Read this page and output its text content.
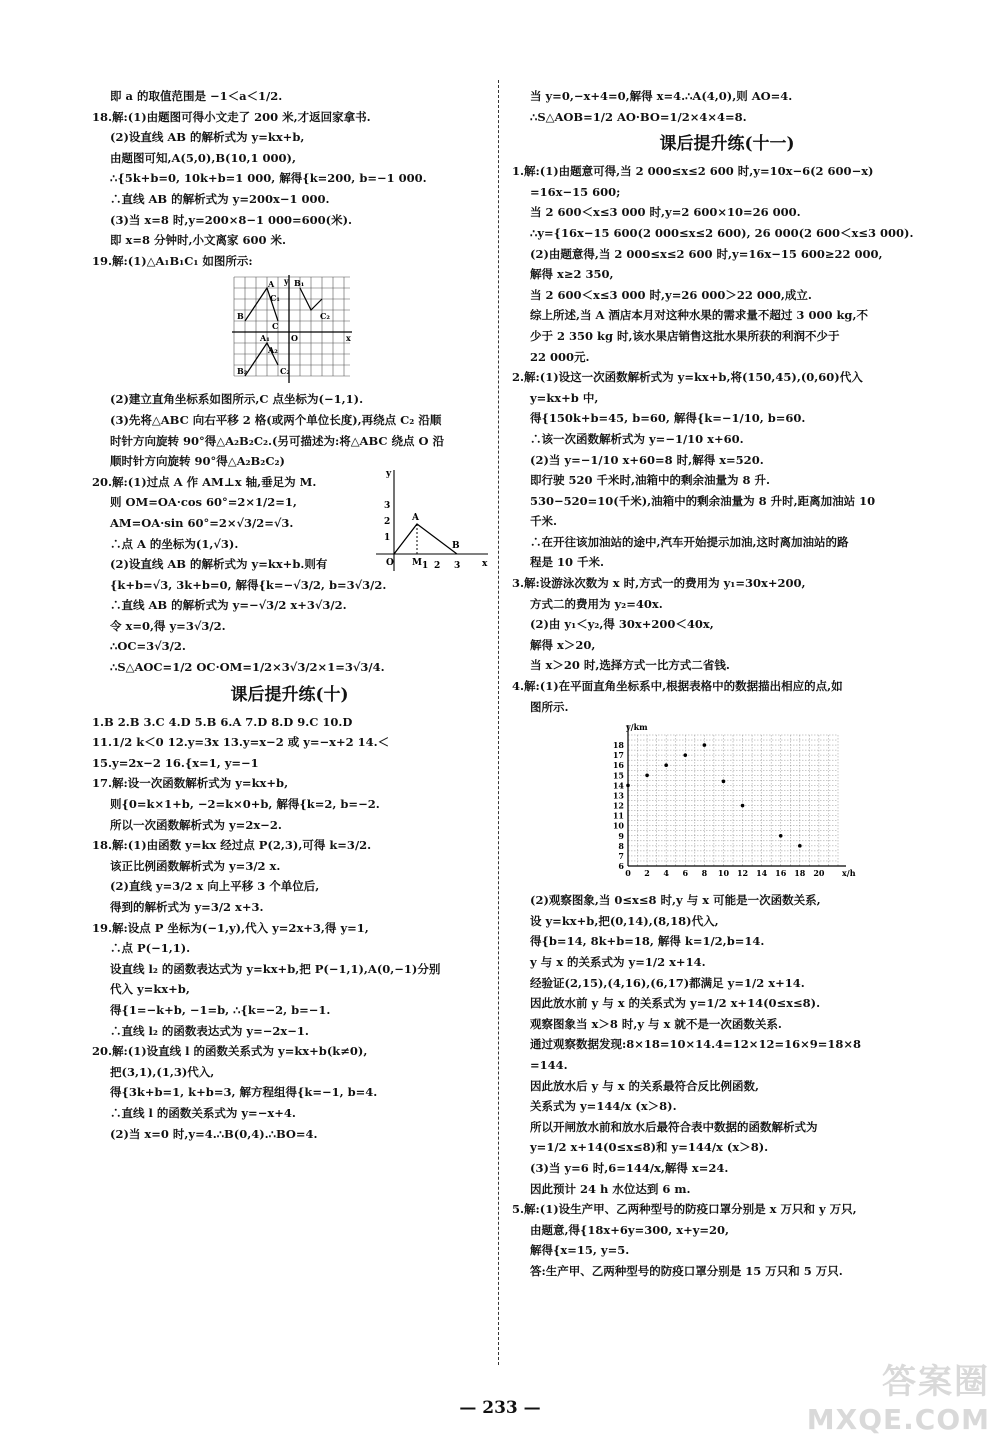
即 a 的取值范围是 −1＜a＜1/2.
18.解:(1)由题图可得小文走了 200 米,才返回家拿书.
(2)设直线 AB 的解析式为 y=kx+b,
由题图可知,A(5,0),B(10,1 000),
∴{5k+b=0, 10k+b=1 000, 解得{k=200, b=−1 000.
∴直线 AB 的解析式为 y=200x−1 000.
(3)当 x=8 时,y=200×8−1 000=600(米).
即 x=8 分钟时,小文离家 600 米.
19.解:(1)△A₁B₁C₁ 如图所示:
y B₁
A
C₁
B
C
C₂
A₁	O	x
A₂
B₂	C₂
(2)建立直角坐标系如图所示,C 点坐标为(−1,1).
(3)先将△ABC 向右平移 2 格(或两个单位长度),再绕点 C₂ 沿顺
时针方向旋转 90°得△A₂B₂C₂.(另可描述为:将△ABC 绕点 O 沿
顺时针方向旋转 90°得△A₂B₂C₂)
20.解:(1)过点 A 作 AM⊥x 轴,垂足为 M.
则 OM=OA·cos 60°=2×1/2=1,
AM=OA·sin 60°=2×√3/2=√3.
∴点 A 的坐标为(1,√3).
(2)设直线 AB 的解析式为 y=kx+b.则有
{k+b=√3, 3k+b=0, 解得{k=−√3/2, b=3√3/2.
∴直线 AB 的解析式为 y=−√3/2 x+3√3/2.
令 x=0,得 y=3√3/2.
∴OC=3√3/2.
∴S△AOC=1/2 OC·OM=1/2×3√3/2×1=3√3/4.
课后提升练(十)
1.B 2.B 3.C 4.D 5.B 6.A 7.D 8.D 9.C 10.D
11.1/2 k＜0 12.y=3x 13.y=x−2 或 y=−x+2 14.＜
15.y=2x−2 16.{x=1, y=−1
17.解:设一次函数解析式为 y=kx+b,
则{0=k×1+b, −2=k×0+b, 解得{k=2, b=−2.
所以一次函数解析式为 y=2x−2.
18.解:(1)由函数 y=kx 经过点 P(2,3),可得 k=3/2.
该正比例函数解析式为 y=3/2 x.
(2)直线 y=3/2 x 向上平移 3 个单位后,
得到的解析式为 y=3/2 x+3.
19.解:设点 P 坐标为(−1,y),代入 y=2x+3,得 y=1,
∴点 P(−1,1).
设直线 l₂ 的函数表达式为 y=kx+b,把 P(−1,1),A(0,−1)分别
代入 y=kx+b,
得{1=−k+b, −1=b, ∴{k=−2, b=−1.
∴直线 l₂ 的函数表达式为 y=−2x−1.
20.解:(1)设直线 l 的函数关系式为 y=kx+b(k≠0),
把(3,1),(1,3)代入,
得{3k+b=1, k+b=3, 解方程组得{k=−1, b=4.
∴直线 l 的函数关系式为 y=−x+4.
(2)当 x=0 时,y=4.∴B(0,4).∴BO=4.
y
x
A
B
O M 1 2 3
1
2
3
当 y=0,−x+4=0,解得 x=4.∴A(4,0),则 AO=4.
∴S△AOB=1/2 AO·BO=1/2×4×4=8.
课后提升练(十一)
1.解:(1)由题意可得,当 2 000≤x≤2 600 时,y=10x−6(2 600−x)
=16x−15 600;
当 2 600＜x≤3 000 时,y=2 600×10=26 000.
∴y={16x−15 600(2 000≤x≤2 600), 26 000(2 600＜x≤3 000).
(2)由题意得,当 2 000≤x≤2 600 时,y=16x−15 600≥22 000,
解得 x≥2 350,
当 2 600＜x≤3 000 时,y=26 000＞22 000,成立.
综上所述,当 A 酒店本月对这种水果的需求量不超过 3 000 kg,不
少于 2 350 kg 时,该水果店销售这批水果所获的利润不少于
22 000元.
2.解:(1)设这一次函数解析式为 y=kx+b,将(150,45),(0,60)代入
y=kx+b 中,
得{150k+b=45, b=60, 解得{k=−1/10, b=60.
∴该一次函数解析式为 y=−1/10 x+60.
(2)当 y=−1/10 x+60=8 时,解得 x=520.
即行驶 520 千米时,油箱中的剩余油量为 8 升.
530−520=10(千米),油箱中的剩余油量为 8 升时,距离加油站 10
千米.
∴在开往该加油站的途中,汽车开始提示加油,这时离加油站的路
程是 10 千米.
3.解:设游泳次数为 x 时,方式一的费用为 y₁=30x+200,
方式二的费用为 y₂=40x.
(2)由 y₁＜y₂,得 30x+200＜40x,
解得 x＞20,
当 x＞20 时,选择方式一比方式二省钱.
4.解:(1)在平面直角坐标系中,根据表格中的数据描出相应的点,如
图所示.
18
17
16
15
14
13
12
11
10
9
8
7
6
0 2 4 6 8 10 12 14 16 18 20
y/km
x/h
(2)观察图象,当 0≤x≤8 时,y 与 x 可能是一次函数关系,
设 y=kx+b,把(0,14),(8,18)代入,
得{b=14, 8k+b=18, 解得 k=1/2,b=14.
y 与 x 的关系式为 y=1/2 x+14.
经验证(2,15),(4,16),(6,17)都满足 y=1/2 x+14.
因此放水前 y 与 x 的关系式为 y=1/2 x+14(0≤x≤8).
观察图象当 x＞8 时,y 与 x 就不是一次函数关系.
通过观察数据发现:8×18=10×14.4=12×12=16×9=18×8
=144.
因此放水后 y 与 x 的关系最符合反比例函数,
关系式为 y=144/x (x＞8).
所以开闸放水前和放水后最符合表中数据的函数解析式为
y=1/2 x+14(0≤x≤8)和 y=144/x (x＞8).
(3)当 y=6 时,6=144/x,解得 x=24.
因此预计 24 h 水位达到 6 m.
5.解:(1)设生产甲、乙两种型号的防疫口罩分别是 x 万只和 y 万只,
由题意,得{18x+6y=300, x+y=20,
解得{x=15, y=5.
答:生产甲、乙两种型号的防疫口罩分别是 15 万只和 5 万只.
— 233 —
答案圈
MXQE.COM
